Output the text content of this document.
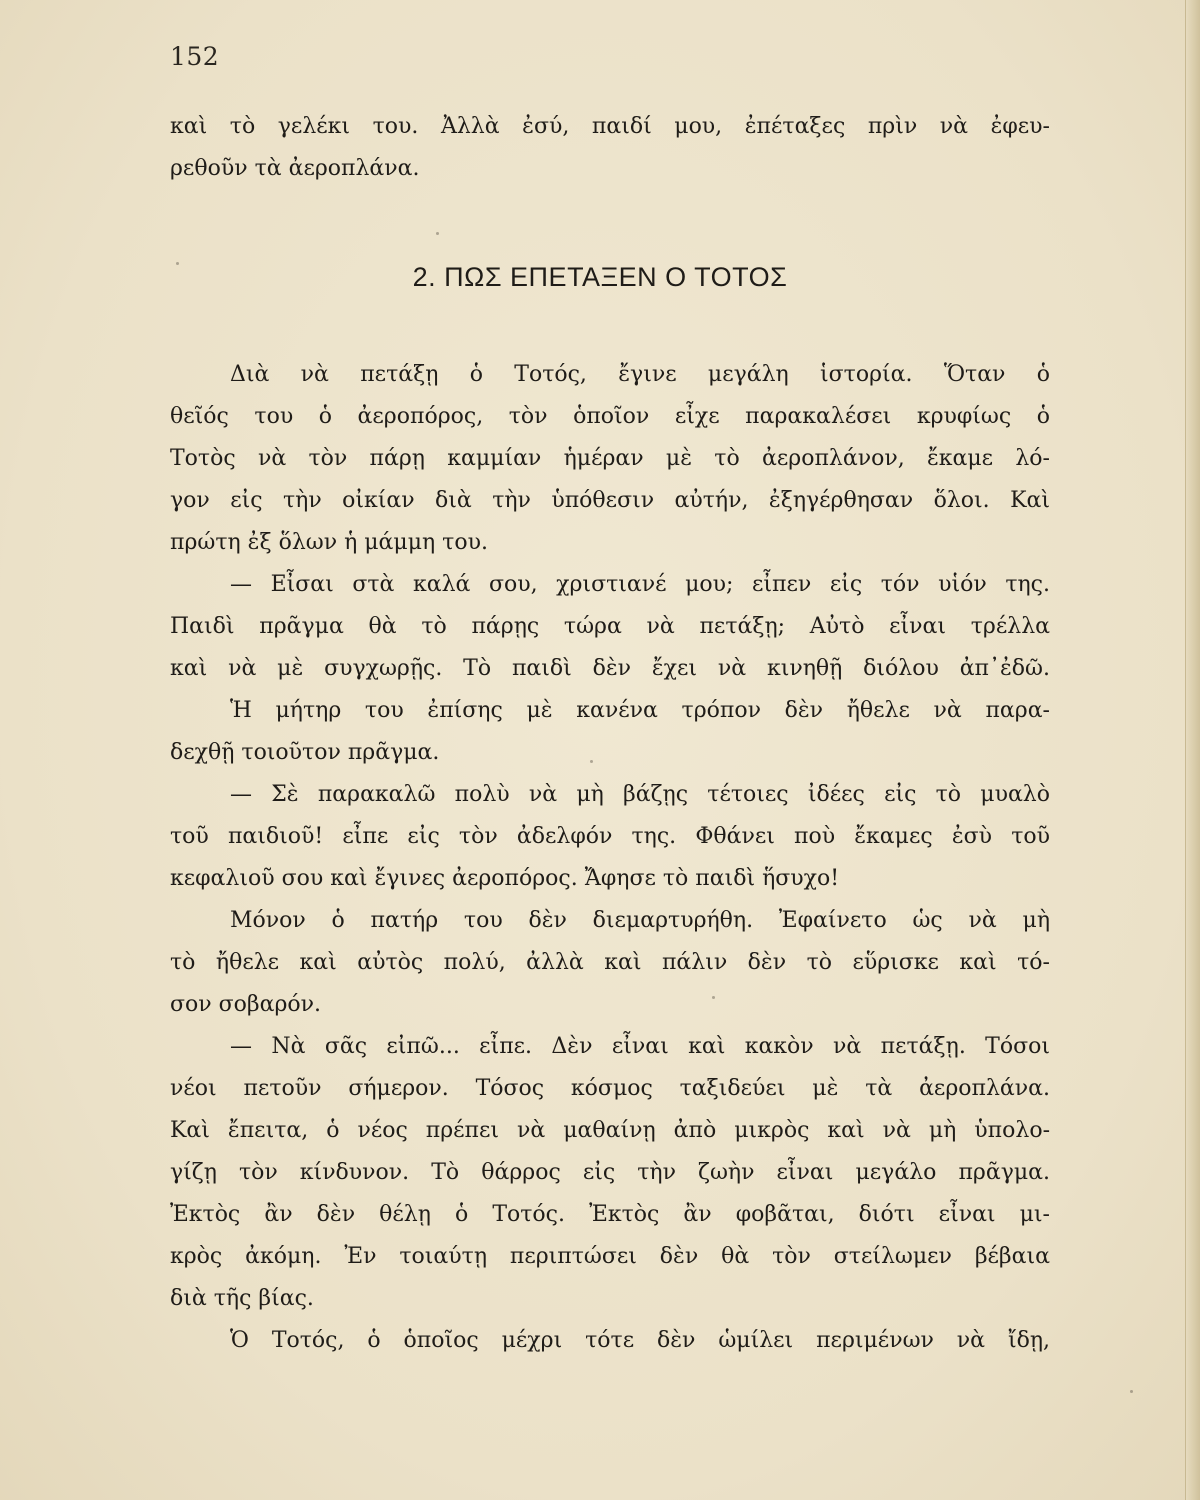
152
καὶ τὸ γελέκι του. Ἀλλὰ ἐσύ, παιδί μου, ἐπέταξες πρὶν νὰ ἐφευ-
ρεθοῦν τὰ ἀεροπλάνα.
2. ΠΩΣ ΕΠΕΤΑΞΕΝ Ο ΤΟΤΟΣ
Διὰ νὰ πετάξῃ ὁ Τοτός, ἔγινε μεγάλη ἱστορία. Ὅταν ὁ
θεῖός του ὁ ἀεροπόρος, τὸν ὁποῖον εἶχε παρακαλέσει κρυφίως ὁ
Τοτὸς νὰ τὸν πάρῃ καμμίαν ἡμέραν μὲ τὸ ἀεροπλάνον, ἔκαμε λό-
γον εἰς τὴν οἰκίαν διὰ τὴν ὑπόθεσιν αὐτήν, ἐξηγέρθησαν ὅλοι. Καὶ
πρώτη ἐξ ὅλων ἡ μάμμη του.
— Εἶσαι στὰ καλά σου, χριστιανέ μου; εἶπεν εἰς τόν υἱόν της.
Παιδὶ πρᾶγμα θὰ τὸ πάρῃς τώρα νὰ πετάξῃ; Αὐτὸ εἶναι τρέλλα
καὶ νὰ μὲ συγχωρῇς. Τὸ παιδὶ δὲν ἔχει νὰ κινηθῇ διόλου ἀπ᾿ἐδῶ.
Ἡ μήτηρ του ἐπίσης μὲ κανένα τρόπον δὲν ἤθελε νὰ παρα-
δεχθῇ τοιοῦτον πρᾶγμα.
— Σὲ παρακαλῶ πολὺ νὰ μὴ βάζῃς τέτοιες ἰδέες εἰς τὸ μυαλὸ
τοῦ παιδιοῦ! εἶπε εἰς τὸν ἀδελφόν της. Φθάνει ποὺ ἔκαμες ἐσὺ τοῦ
κεφαλιοῦ σου καὶ ἔγινες ἀεροπόρος. Ἄφησε τὸ παιδὶ ἥσυχο!
Μόνον ὁ πατήρ του δὲν διεμαρτυρήθη. Ἐφαίνετο ὡς νὰ μὴ
τὸ ἤθελε καὶ αὐτὸς πολύ, ἀλλὰ καὶ πάλιν δὲν τὸ εὕρισκε καὶ τό-
σον σοβαρόν.
— Νὰ σᾶς εἰπῶ... εἶπε. Δὲν εἶναι καὶ κακὸν νὰ πετάξῃ. Τόσοι
νέοι πετοῦν σήμερον. Τόσος κόσμος ταξιδεύει μὲ τὰ ἀεροπλάνα.
Καὶ ἔπειτα, ὁ νέος πρέπει νὰ μαθαίνῃ ἀπὸ μικρὸς καὶ νὰ μὴ ὑπολο-
γίζῃ τὸν κίνδυνον. Τὸ θάρρος εἰς τὴν ζωὴν εἶναι μεγάλο πρᾶγμα.
Ἐκτὸς ἂν δὲν θέλῃ ὁ Τοτός. Ἐκτὸς ἂν φοβᾶται, διότι εἶναι μι-
κρὸς ἀκόμη. Ἐν τοιαύτῃ περιπτώσει δὲν θὰ τὸν στείλωμεν βέβαια
διὰ τῆς βίας.
Ὁ Τοτός, ὁ ὁποῖος μέχρι τότε δὲν ὡμίλει περιμένων νὰ ἴδῃ,
